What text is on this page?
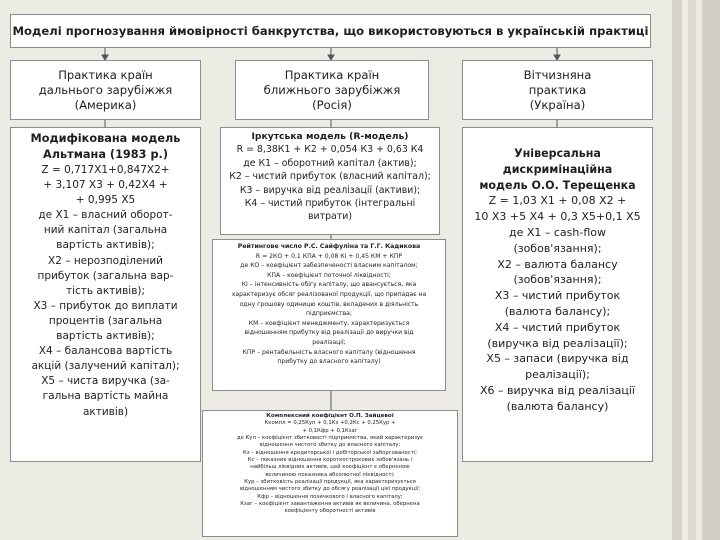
Моделі прогнозування ймовірності банкрутства, що використовуються в українській практиці
Практика країн
дальнього зарубіжжя
(Америка)
Практика країн
ближнього зарубіжжя
(Росія)
Вітчизняна
практика
(Україна)
Модифікована модель
Альтмана (1983 р.)
Z = 0,717Х1+0,847Х2+
+ 3,107 Х3 + 0,42Х4 +
+ 0,995 Х5
де Х1 – власний оборот-
ний капітал (загальна
вартість активів);
Х2 – нерозподілений
прибуток (загальна вар-
тість активів);
Х3 – прибуток до виплати
процентів (загальна
вартість активів);
Х4 – балансова вартість
акцій (залучений капітал);
Х5 – чиста виручка (за-
гальна вартість майна
активів)
Іркутська модель (R-модель)
R = 8,38К1 + К2 + 0,054 К3 + 0,63 К4
де К1 – оборотний капітал (актив);
К2 – чистий прибуток (власний капітал);
К3 – виручка від реалізації (активи);
К4 – чистий прибуток (інтегральні
витрати)
Рейтингове число Р.С. Сайфуліна та Г.Г. Кадикова
R = 2КО + 0,1 КПА + 0,08 КІ + 0,45 КМ + КПР
де КО – коефіцієнт забезпеченості власним капіталом;
КПА – коефіцієнт поточної ліквідності;
КІ – інтенсивність обігу капіталу, що авансується, яка
характеризує обсяг реалізованої продукції, що припадає на
одну грошову одиницю коштів, вкладених в діяльність
підприємства;
КМ – коефіцієнт менеджменту, характеризується
відношенням прибутку від реалізації до виручки від
реалізації;
КПР – рентабельність власного капіталу (відношення
прибутку до власного капіталу)
Комплексний коефіцієнт О.П. Зайцевої
Ккомпл = 0,25Куп + 0,1Кз +0,2Кс + 0,25Кур +
+ 0,1Кфр + 0,1Кзаг
де Куп – коефіцієнт збитковості підприємства, який характеризує
відношення чистого збитку до власного капіталу;
Кз – відношення кредиторської і дебіторської заборгованості;
Кс – показник відношення короткострокових зобов'язань і
найбільш ліквідних активів, цей коефіцієнт є оберненою
величиною показника абсолютної ліквідності;
Кур – збитковість реалізації продукції, яка характеризується
відношенням чистого збитку до обсягу реалізації цієї продукції;
Кфр – відношення позичкового і власного капіталу;
Кзаг – коефіцієнт завантаження активів як величина, обернена
коефіцієнту оборотності активів
Універсальна
дискримінаційна
модель О.О. Терещенка
Z = 1,03 Х1 + 0,08 Х2 +
10 Х3 +5 Х4 + 0,3 Х5+0,1 Х5
де Х1 – cash-flow
(зобов'язання);
Х2 – валюта балансу
(зобов'язання);
Х3 – чистий прибуток
(валюта балансу);
Х4 – чистий прибуток
(виручка від реалізації);
Х5 – запаси (виручка від
реалізації);
Х6 – виручка від реалізації
(валюта балансу)
